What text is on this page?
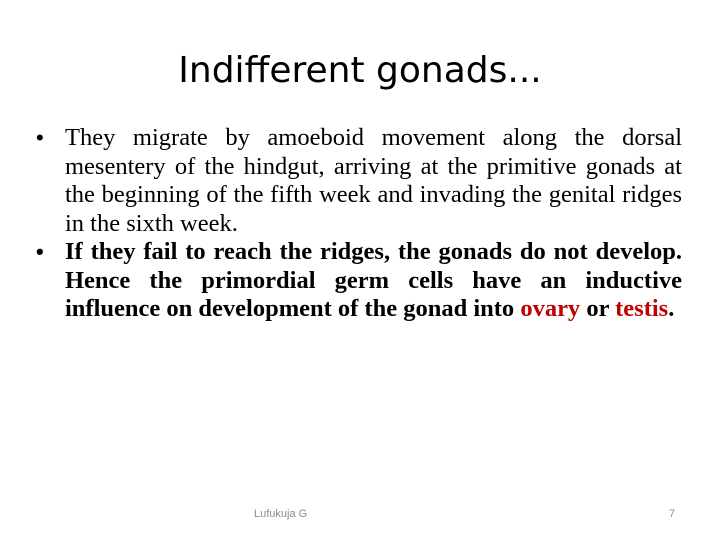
Indifferent gonads...
• They migrate by amoeboid movement along the dorsal mesentery of the hindgut, arriving at the primitive gonads at the beginning of the fifth week and invading the genital ridges in the sixth week.
• If they fail to reach the ridges, the gonads do not develop. Hence the primordial germ cells have an inductive influence on development of the gonad into ovary or testis.
Lufukuja G	7
